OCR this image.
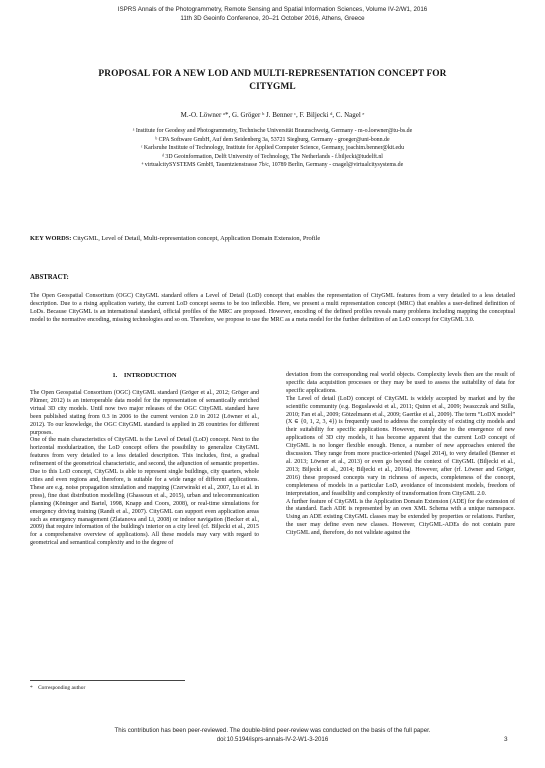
ISPRS Annals of the Photogrammetry, Remote Sensing and Spatial Information Sciences, Volume IV-2/W1, 2016
11th 3D Geoinfo Conference, 20–21 October 2016, Athens, Greece
PROPOSAL FOR A NEW LOD AND MULTI-REPRESENTATION CONCEPT FOR
CITYGML
M.-O. Löwner ᵃ*, G. Gröger ᵇ J. Benner ᶜ, F. Biljecki ᵈ, C. Nagel ᵉ
ᵃ Institute for Geodesy and Photogrammetry, Technische Universität Braunschweig, Germany - m-o.loewner@tu-bs.de
ᵇ CPA Software GmbH, Auf dem Seidenberg 3a, 53721 Siegburg, Germany - groeger@uni-bonn.de
ᶜ Karlsruhe Institute of Technology, Institute for Applied Computer Science, Germany, joachim.benner@kit.edu
ᵈ 3D Geoinformation, Delft University of Technology, The Netherlands - f.biljecki@tudelft.nl
ᵉ virtualcitySYSTEMS GmbH, Tauentzienstrasse 7b/c, 10789 Berlin, Germany - cnagel@virtualcitysystems.de
KEY WORDS: CityGML, Level of Detail, Multi-representation concept, Application Domain Extension, Profile
ABSTRACT:
The Open Geospatial Consortium (OGC) CityGML standard offers a Level of Detail (LoD) concept that enables the representation of CityGML features from a very detailed to a less detailed description. Due to a rising application variety, the current LoD concept seems to be too inflexible. Here, we present a multi representation concept (MRC) that enables a user-defined definition of LoDs. Because CityGML is an international standard, official profiles of the MRC are proposed. However, encoding of the defined profiles reveals many problems including mapping the conceptual model to the normative encoding, missing technologies and so on. Therefore, we propose to use the MRC as a meta model for the further definition of an LoD concept for CityGML 3.0.
1.    INTRODUCTION

The Open Geospatial Consortium (OGC) CityGML standard (Gröger et al., 2012; Gröger and Plümer, 2012) is an interoperable data model for the representation of semantically enriched virtual 3D city models. Until now two major releases of the OGC CityGML standard have been published stating from 0.3 in 2006 to the current version 2.0 in 2012 (Löwner et al., 2012). To our knowledge, the OGC CityGML standard is applied in 28 countries for different purposes.

One of the main characteristics of CityGML is the Level of Detail (LoD) concept. Next to the horizontal modularization, the LoD concept offers the possibility to generalize CityGML features from very detailed to a less detailed description. This includes, first, a gradual refinement of the geometrical characteristic, and second, the adjunction of semantic properties. Due to this LoD concept, CityGML is able to represent single buildings, city quarters, whole cities and even regions and, therefore, is suitable for a wide range of different applications. These are e.g. noise propagation simulation and mapping (Czerwinski et al., 2007, Lu et al. in press), fine dust distribution modelling (Ghassoun et al., 2015), urban and telecommunication planning (Köninger and Bartel, 1998, Knapp and Coors, 2008), or real-time simulations for emergency driving training (Randt et al., 2007). CityGML can support even application areas such as emergency management (Zlatanova and Li, 2008) or indoor navigation (Becker et al., 2009) that require information of the building's interior on a city level (cf. Biljecki et al., 2015 for a comprehensive overview of applications). All these models may vary with regard to geometrical and semantical complexity and to the degree of

deviation from the corresponding real world objects. Complexity levels then are the result of specific data acquisition processes or they may be used to assess the suitability of data for specific applications.

The Level of detail (LoD) concept of CityGML is widely accepted by market and by the scientific community (e.g. Boguslawski et al., 2011; Quinn et al., 2009; Iwaszczuk and Stilla, 2010; Fan et al., 2009; Götzelmann et al., 2009; Gaertke et al., 2009). The term “LoDX model” (X ∈ {0, 1, 2, 3, 4}) is frequently used to address the complexity of existing city models and their suitability for specific applications. However, mainly due to the emergence of new applications of 3D city models, it has become apparent that the current LoD concept of CityGML is no longer flexible enough. Hence, a number of new approaches entered the discussion. They range from more practice-oriented (Nagel 2014), to very detailed (Benner et al. 2013; Löwner et al., 2013) or even go beyond the context of CityGML (Biljecki et al., 2013; Biljecki et al., 2014; Biljecki et al., 2016a). However, after (rf. Löwner and Gröger, 2016) these proposed concepts vary in richness of aspects, completeness of the concept, completeness of models in a particular LoD, avoidance of inconsistent models, freedom of interpretation, and feasibility and complexity of transformation from CityGML 2.0.

A further feature of CityGML is the Application Domain Extension (ADE) for the extension of the standard. Each ADE is represented by an own XML Schema with a unique namespace. Using an ADE existing CityGML classes may be extended by properties or relations. Further, the user may define even new classes. However, CityGML-ADEs do not contain pure CityGML and, therefore, do not validate against the

*    Corresponding author
This contribution has been peer-reviewed. The double-blind peer-review was conducted on the basis of the full paper.
doi:10.5194/isprs-annals-IV-2-W1-3-2016	3
